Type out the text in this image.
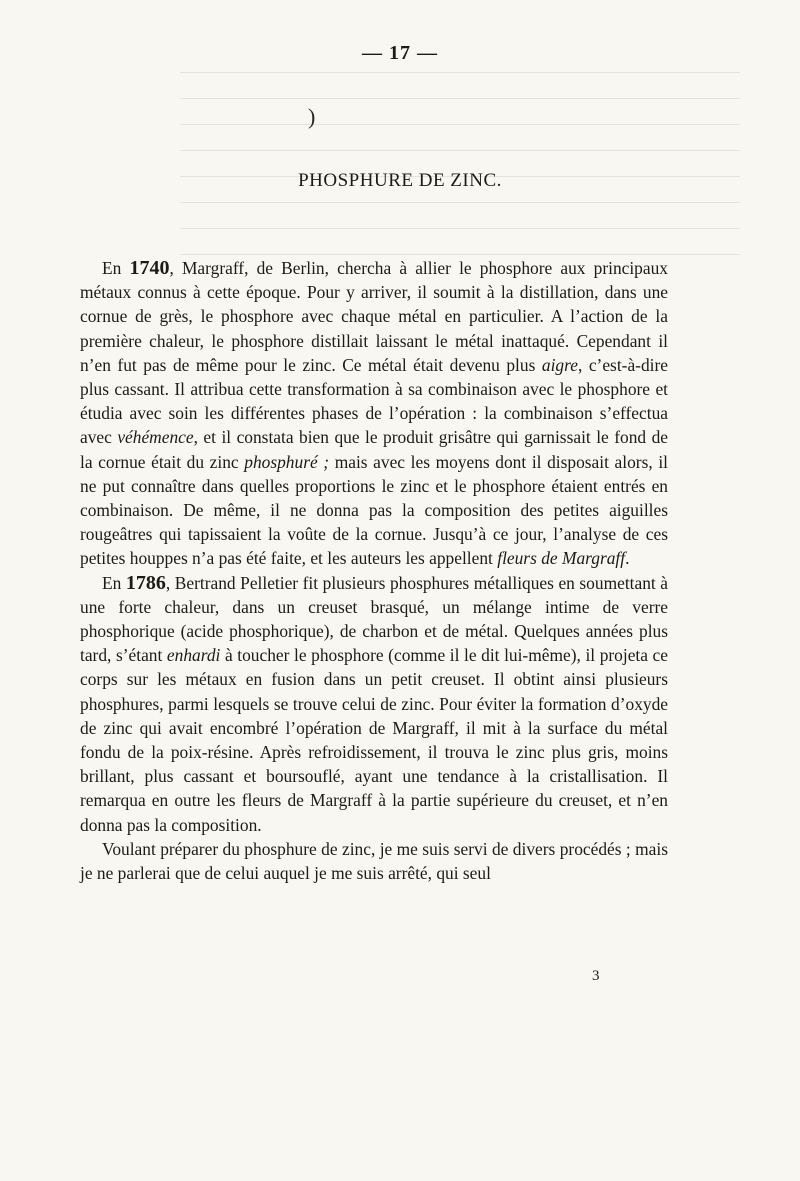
— 17 —
)
PHOSPHURE DE ZINC.

En 1740, Margraff, de Berlin, chercha à allier le phosphore aux principaux métaux connus à cette époque. Pour y arriver, il soumit à la distillation, dans une cornue de grès, le phosphore avec chaque métal en particulier. A l’action de la première chaleur, le phosphore distillait laissant le métal inattaqué. Cependant il n’en fut pas de même pour le zinc. Ce métal était devenu plus aigre, c’est-à-dire plus cassant. Il attribua cette transformation à sa combinaison avec le phosphore et étudia avec soin les différentes phases de l’opération : la combinaison s’effectua avec véhémence, et il constata bien que le produit grisâtre qui garnissait le fond de la cornue était du zinc phosphuré ; mais avec les moyens dont il disposait alors, il ne put connaître dans quelles proportions le zinc et le phosphore étaient entrés en combinaison. De même, il ne donna pas la composition des petites aiguilles rougeâtres qui tapissaient la voûte de la cornue. Jusqu’à ce jour, l’analyse de ces petites houppes n’a pas été faite, et les auteurs les appellent fleurs de Margraff.

En 1786, Bertrand Pelletier fit plusieurs phosphures métalliques en soumettant à une forte chaleur, dans un creuset brasqué, un mélange intime de verre phosphorique (acide phosphorique), de charbon et de métal. Quelques années plus tard, s’étant enhardi à toucher le phosphore (comme il le dit lui-même), il projeta ce corps sur les métaux en fusion dans un petit creuset. Il obtint ainsi plusieurs phosphures, parmi lesquels se trouve celui de zinc. Pour éviter la formation d’oxyde de zinc qui avait encombré l’opération de Margraff, il mit à la surface du métal fondu de la poix-résine. Après refroidissement, il trouva le zinc plus gris, moins brillant, plus cassant et boursouflé, ayant une tendance à la cristallisation. Il remarqua en outre les fleurs de Margraff à la partie supérieure du creuset, et n’en donna pas la composition.

Voulant préparer du phosphure de zinc, je me suis servi de divers procédés ; mais je ne parlerai que de celui auquel je me suis arrêté, qui seul

3
